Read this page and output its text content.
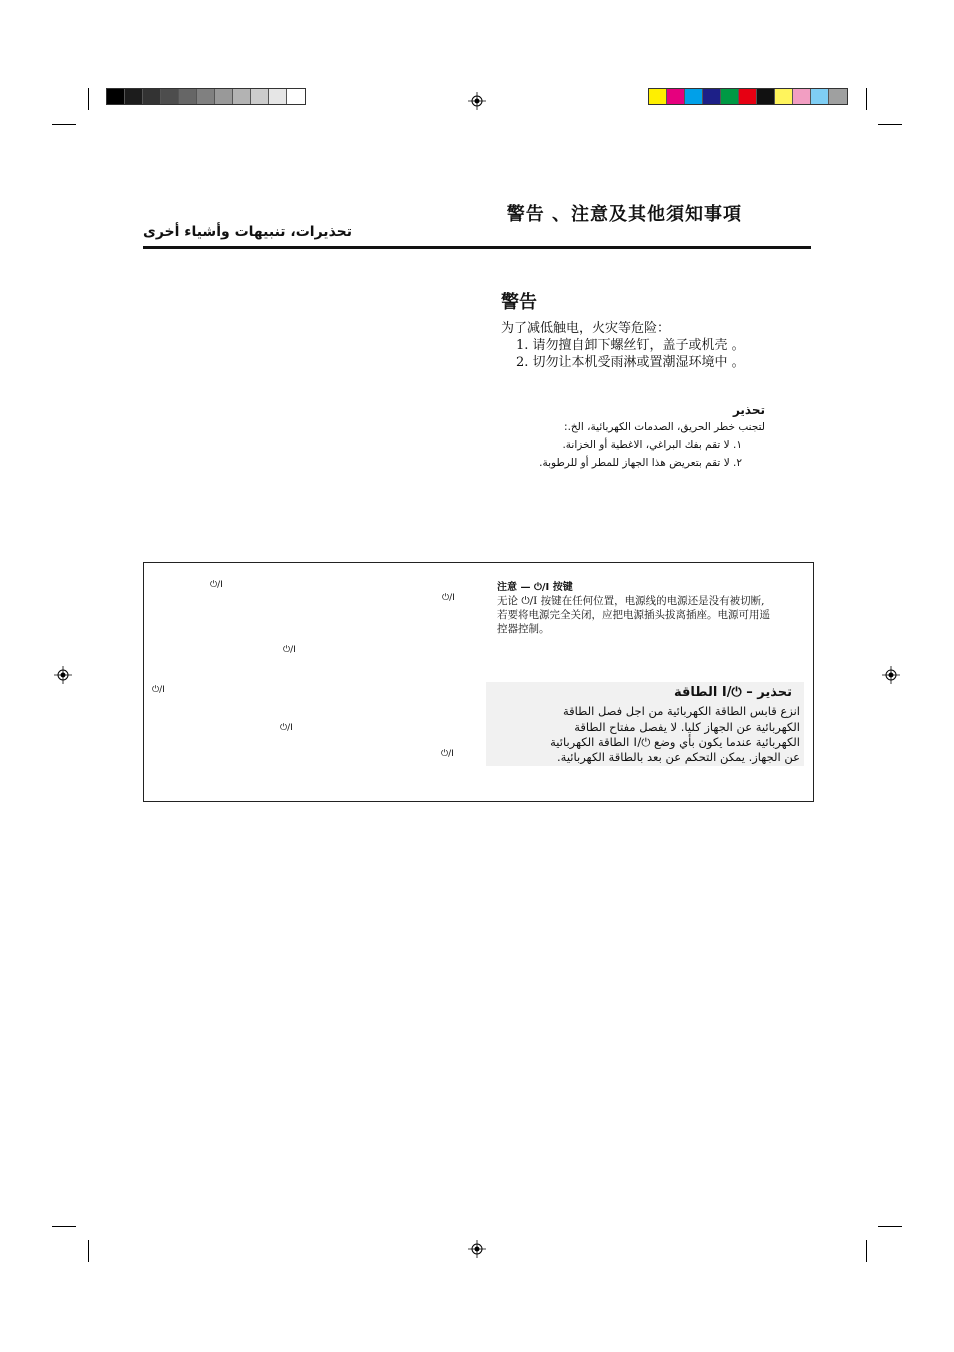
警告 、注意及其他須知事項
تحذيرات، تنبيهات وأشياء أخرى
警告
为了减低触电，火灾等危险：
1. 请勿擅自卸下螺丝钉，盖子或机壳 。
2. 切勿让本机受雨淋或置潮湿环境中 。
تحذير
لتجنب خطر الحريق، الصدمات الكهربائية، الخ.:
١. لا تقم بفك البراغي، الاغطية أو الخزانة.
٢. لا تقم بتعريض هذا الجهاز للمطر أو للرطوبة.
⏻/I
⏻/I
⏻/I
⏻/I
⏻/I
⏻/I
注意 — ⏻/I 按键
无论 ⏻/I 按键在任何位置，电源线的电源还是没有被切断,
若要将电源完全关闭，应把电源插头拔离插座。电源可用遥
控器控制。
تحذير – ⏻/I الطاقة
انزع قابس الطاقة الكهربائية من اجل فصل الطاقة
الكهربائية عن الجهاز كليا. لا يفصل مفتاح الطاقة
الكهربائية عندما يكون بأي وضع ⏻/I الطاقة الكهربائية
عن الجهاز. يمكن التحكم عن بعد بالطاقة الكهربائية.
